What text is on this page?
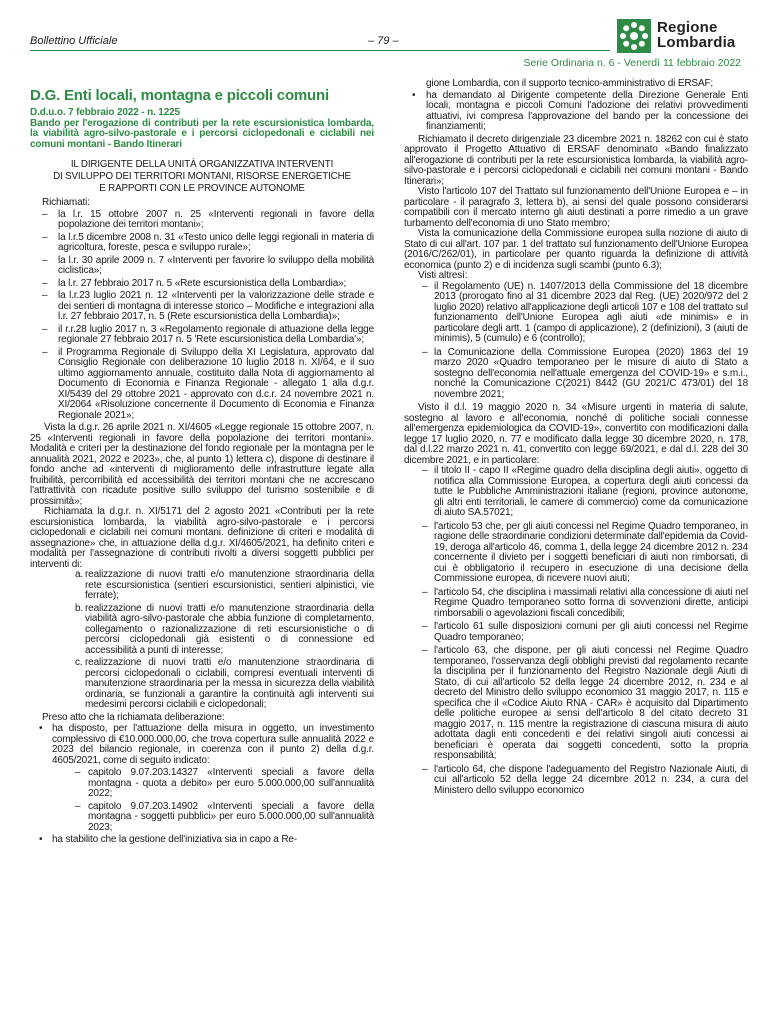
Bollettino Ufficiale	– 79 –
Regione
Lombardia
Serie Ordinaria n. 6 - Venerdì 11 febbraio 2022
D.G. Enti locali, montagna e piccoli comuni

D.d.u.o. 7 febbraio 2022 - n. 1225

Bando per l'erogazione di contributi per la rete escursionistica lombarda, la viabilità agro-silvo-pastorale e i percorsi ciclopedonali e ciclabili nei comuni montani - Bando Itinerari

IL DIRIGENTE DELLA UNITÀ ORGANIZZATIVA INTERVENTI
DI SVILUPPO DEI TERRITORI MONTANI, RISORSE ENERGETICHE
E RAPPORTI CON LE PROVINCE AUTONOME

Richiamati:

– la l.r. 15 ottobre 2007 n. 25 «Interventi regionali in favore della popolazione dei territori montani»;
– la l.r.5 dicembre 2008 n. 31 «Testo unico delle leggi regionali in materia di agricoltura, foreste, pesca e sviluppo rurale»;
– la l.r. 30 aprile 2009 n. 7 «Interventi per favorire lo sviluppo della mobilità ciclistica»;
– la l.r. 27 febbraio 2017 n. 5 «Rete escursionistica della Lombardia»;
– la l.r.23 luglio 2021 n. 12 «Interventi per la valorizzazione delle strade e dei sentieri di montagna di interesse storico – Modifiche e integrazioni alla l.r. 27 febbraio 2017, n. 5 (Rete escursionistica della Lombardia)»;
– il r.r.28 luglio 2017 n. 3 «Regolamento regionale di attuazione della legge regionale 27 febbraio 2017 n. 5 'Rete escursionistica della Lombardia'»;
– il Programma Regionale di Sviluppo della XI Legislatura, approvato dal Consiglio Regionale con deliberazione 10 luglio 2018 n. XI/64, e il suo ultimo aggiornamento annuale, costituito dalla Nota di aggiornamento al Documento di Economia e Finanza Regionale - allegato 1 alla d.g.r. XI/5439 del 29 ottobre 2021 - approvato con d.c.r. 24 novembre 2021 n. XI/2064 «Risoluzione concernente il Documento di Economia e Finanza Regionale 2021»;

Vista la d.g.r. 26 aprile 2021 n. XI/4605 «Legge regionale 15 ottobre 2007, n. 25 «Interventi regionali in favore della popolazione dei territori montani». Modalità e criteri per la destinazione del fondo regionale per la montagna per le annualità 2021, 2022 e 2023», che, al punto 1) lettera c), dispone di destinare il fondo anche ad «interventi di miglioramento delle infrastrutture legate alla fruibilità, percorribilità ed accessibilità dei territori montani che ne accrescano l'attrattività con ricadute positive sullo sviluppo del turismo sostenibile e di prossimità»;

Richiamata la d.g.r. n. XI/5171 del 2 agosto 2021 «Contributi per la rete escursionistica lombarda, la viabilità agro-silvo-pastorale e i percorsi ciclopedonali e ciclabili nei comuni montani. definizione di criteri e modalità di assegnazione» che, in attuazione della d.g.r. XI/4605/2021, ha definito criteri e modalità per l'assegnazione di contributi rivolti a diversi soggetti pubblici per interventi di:

a. realizzazione di nuovi tratti e/o manutenzione straordinaria della rete escursionistica (sentieri escursionistici, sentieri alpinistici, vie ferrate);
b. realizzazione di nuovi tratti e/o manutenzione straordinaria della viabilità agro-silvo-pastorale che abbia funzione di completamento, collegamento o razionalizzazione di reti escursionistiche o di percorsi ciclopedonali già esistenti o di connessione ed accessibilità a punti di interesse;
c. realizzazione di nuovi tratti e/o manutenzione straordinaria di percorsi ciclopedonali o ciclabili, compresi eventuali interventi di manutenzione straordinaria per la messa in sicurezza della viabilità ordinaria, se funzionali a garantire la continuità agli interventi sui medesimi percorsi ciclabili e ciclopedonali;

Preso atto che la richiamata deliberazione:

• ha disposto, per l'attuazione della misura in oggetto, un investimento complessivo di €10.000.000,00, che trova copertura sulle annualità 2022 e 2023 del bilancio regionale, in coerenza con il punto 2) della d.g.r. 4605/2021, come di seguito indicato:
– capitolo 9.07.203.14327 «Interventi speciali a favore della montagna - quota a debito» per euro 5.000.000,00 sull'annualità 2022;
– capitolo 9.07.203.14902 «Interventi speciali a favore della montagna - soggetti pubblici» per euro 5.000.000,00 sull'annualità 2023;
• ha stabilito che la gestione dell'iniziativa sia in capo a Re-

gione Lombardia, con il supporto tecnico-amministrativo di ERSAF;

• ha demandato al Dirigente competente della Direzione Generale Enti locali, montagna e piccoli Comuni l'adozione dei relativi provvedimenti attuativi, ivi compresa l'approvazione del bando per la concessione dei finanziamenti;

Richiamato il decreto dirigenziale 23 dicembre 2021 n. 18262 con cui è stato approvato il Progetto Attuativo di ERSAF denominato «Bando finalizzato all'erogazione di contributi per la rete escursionistica lombarda, la viabilità agro-silvo-pastorale e i percorsi ciclopedonali e ciclabili nei comuni montani - Bando Itinerari»;

Visto l'articolo 107 del Trattato sul funzionamento dell'Unione Europea e – in particolare - il paragrafo 3, lettera b), ai sensi del quale possono considerarsi compatibili con il mercato interno gli aiuti destinati a porre rimedio a un grave turbamento dell'economia di uno Stato membro;

Vista la comunicazione della Commissione europea sulla nozione di aiuto di Stato di cui all'art. 107 par. 1 del trattato sul funzionamento dell'Unione Europea (2016/C/262/01), in particolare per quanto riguarda la definizione di attività economica (punto 2) e di incidenza sugli scambi (punto 6.3);

Visti altresì:

– il Regolamento (UE) n. 1407/2013 della Commissione del 18 dicembre 2013 (prorogato fino al 31 dicembre 2023 dal Reg. (UE) 2020/972 del 2 luglio 2020) relativo all'applicazione degli articoli 107 e 108 del trattato sul funzionamento dell'Unione Europea agli aiuti «de minimis» e in particolare degli artt. 1 (campo di applicazione), 2 (definizioni), 3 (aiuti de minimis), 5 (cumulo) e 6 (controllo);
– la Comunicazione della Commissione Europea (2020) 1863 del 19 marzo 2020 «Quadro temporaneo per le misure di aiuto di Stato a sostegno dell'economia nell'attuale emergenza del COVID-19» e s.m.i., nonché la Comunicazione C(2021) 8442 (GU 2021/C 473/01) del 18 novembre 2021;

Visto il d.l. 19 maggio 2020 n. 34 «Misure urgenti in materia di salute, sostegno al lavoro e all'economia, nonché di politiche sociali connesse all'emergenza epidemiologica da COVID-19», convertito con modificazioni dalla legge 17 luglio 2020, n. 77 e modificato dalla legge 30 dicembre 2020, n. 178, dal d.l.22 marzo 2021 n. 41, convertito con legge 69/2021, e dal d.l. 228 del 30 dicembre 2021, e in particolare:

– il titolo II - capo II «Regime quadro della disciplina degli aiuti», oggetto di notifica alla Commissione Europea, a copertura degli aiuti concessi da tutte le Pubbliche Amministrazioni italiane (regioni, province autonome, gli altri enti territoriali, le camere di commercio) come da comunicazione di aiuto SA.57021;
– l'articolo 53 che, per gli aiuti concessi nel Regime Quadro temporaneo, in ragione delle straordinarie condizioni determinate dall'epidemia da Covid- 19, deroga all'articolo 46, comma 1, della legge 24 dicembre 2012 n. 234 concernente il divieto per i soggetti beneficiari di aiuti non rimborsati, di cui è obbligatorio il recupero in esecuzione di una decisione della Commissione europea, di ricevere nuovi aiuti;
– l'articolo 54, che disciplina i massimali relativi alla concessione di aiuti nel Regime Quadro temporaneo sotto forma di sovvenzioni dirette, anticipi rimborsabili o agevolazioni fiscali concedibili;
– l'articolo 61 sulle disposizioni comuni per gli aiuti concessi nel Regime Quadro temporaneo;
– l'articolo 63, che dispone, per gli aiuti concessi nel Regime Quadro temporaneo, l'osservanza degli obblighi previsti dal regolamento recante la disciplina per il funzionamento del Registro Nazionale degli Aiuti di Stato, di cui all'articolo 52 della legge 24 dicembre 2012, n. 234 e al decreto del Ministro dello sviluppo economico 31 maggio 2017, n. 115 e specifica che il «Codice Aiuto RNA - CAR» è acquisito dal Dipartimento delle politiche europee ai sensi dell'articolo 8 del citato decreto 31 maggio 2017, n. 115 mentre la registrazione di ciascuna misura di aiuto adottata dagli enti concedenti e dei relativi singoli aiuti concessi ai beneficiari è operata dai soggetti concedenti, sotto la propria responsabilità;
– l'articolo 64, che dispone l'adeguamento del Registro Nazionale Aiuti, di cui all'articolo 52 della legge 24 dicembre 2012 n. 234, a cura del Ministero dello sviluppo economico
